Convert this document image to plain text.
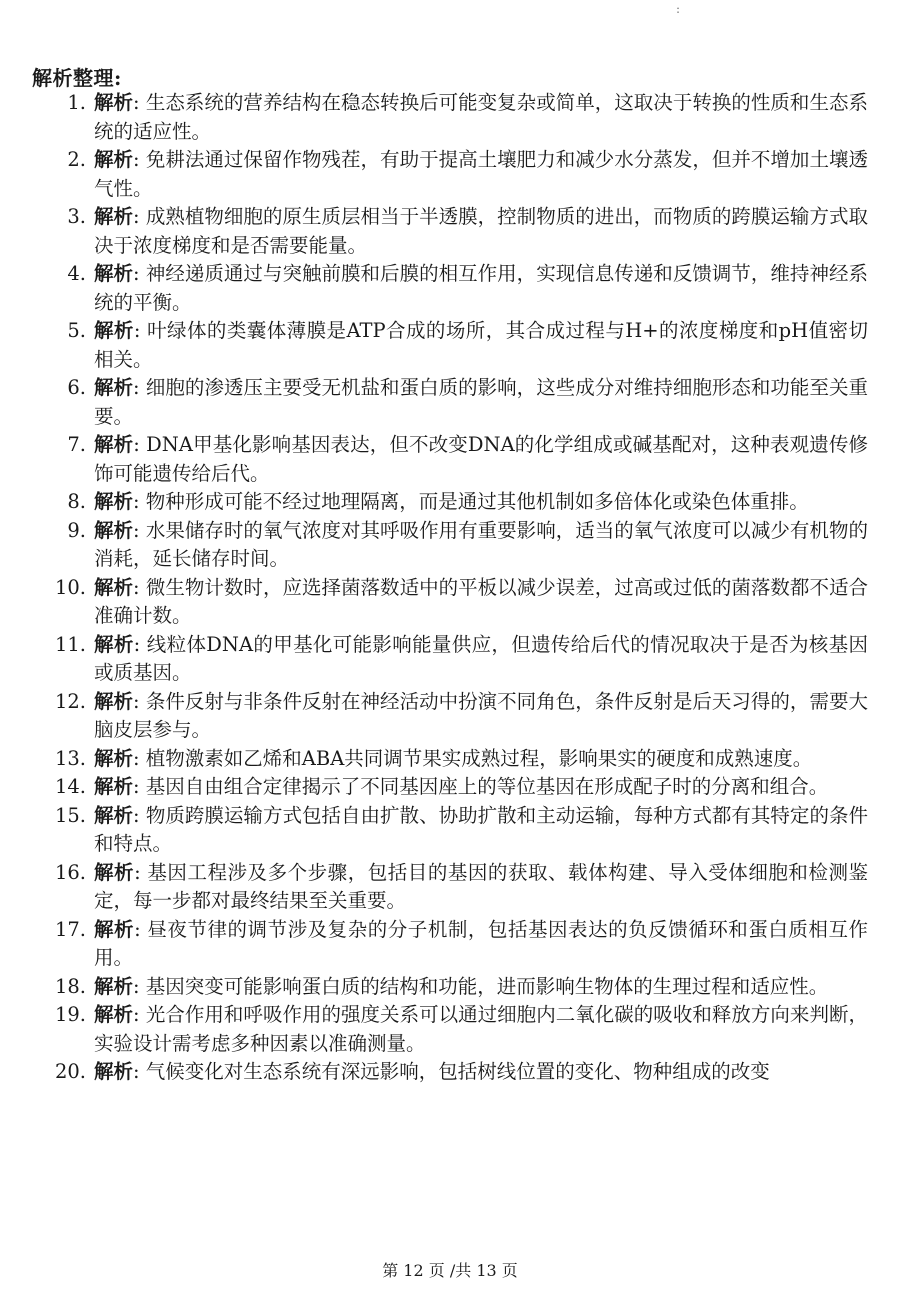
:
解析整理:
1. 解析: 生态系统的营养结构在稳态转换后可能变复杂或简单，这取决于转换的性质和生态系统的适应性。
2. 解析: 免耕法通过保留作物残茬，有助于提高土壤肥力和减少水分蒸发，但并不增加土壤透气性。
3. 解析: 成熟植物细胞的原生质层相当于半透膜，控制物质的进出，而物质的跨膜运输方式取决于浓度梯度和是否需要能量。
4. 解析: 神经递质通过与突触前膜和后膜的相互作用，实现信息传递和反馈调节，维持神经系统的平衡。
5. 解析: 叶绿体的类囊体薄膜是ATP合成的场所，其合成过程与H+的浓度梯度和pH值密切相关。
6. 解析: 细胞的渗透压主要受无机盐和蛋白质的影响，这些成分对维持细胞形态和功能至关重要。
7. 解析: DNA甲基化影响基因表达，但不改变DNA的化学组成或碱基配对，这种表观遗传修饰可能遗传给后代。
8. 解析: 物种形成可能不经过地理隔离，而是通过其他机制如多倍体化或染色体重排。
9. 解析: 水果储存时的氧气浓度对其呼吸作用有重要影响，适当的氧气浓度可以减少有机物的消耗，延长储存时间。
10. 解析: 微生物计数时，应选择菌落数适中的平板以减少误差，过高或过低的菌落数都不适合准确计数。
11. 解析: 线粒体DNA的甲基化可能影响能量供应，但遗传给后代的情况取决于是否为核基因或质基因。
12. 解析: 条件反射与非条件反射在神经活动中扮演不同角色，条件反射是后天习得的，需要大脑皮层参与。
13. 解析: 植物激素如乙烯和ABA共同调节果实成熟过程，影响果实的硬度和成熟速度。
14. 解析: 基因自由组合定律揭示了不同基因座上的等位基因在形成配子时的分离和组合。
15. 解析: 物质跨膜运输方式包括自由扩散、协助扩散和主动运输，每种方式都有其特定的条件和特点。
16. 解析: 基因工程涉及多个步骤，包括目的基因的获取、载体构建、导入受体细胞和检测鉴定，每一步都对最终结果至关重要。
17. 解析: 昼夜节律的调节涉及复杂的分子机制，包括基因表达的负反馈循环和蛋白质相互作用。
18. 解析: 基因突变可能影响蛋白质的结构和功能，进而影响生物体的生理过程和适应性。
19. 解析: 光合作用和呼吸作用的强度关系可以通过细胞内二氧化碳的吸收和释放方向来判断，实验设计需考虑多种因素以准确测量。
20. 解析: 气候变化对生态系统有深远影响，包括树线位置的变化、物种组成的改变
第 12 页 /共 13 页
